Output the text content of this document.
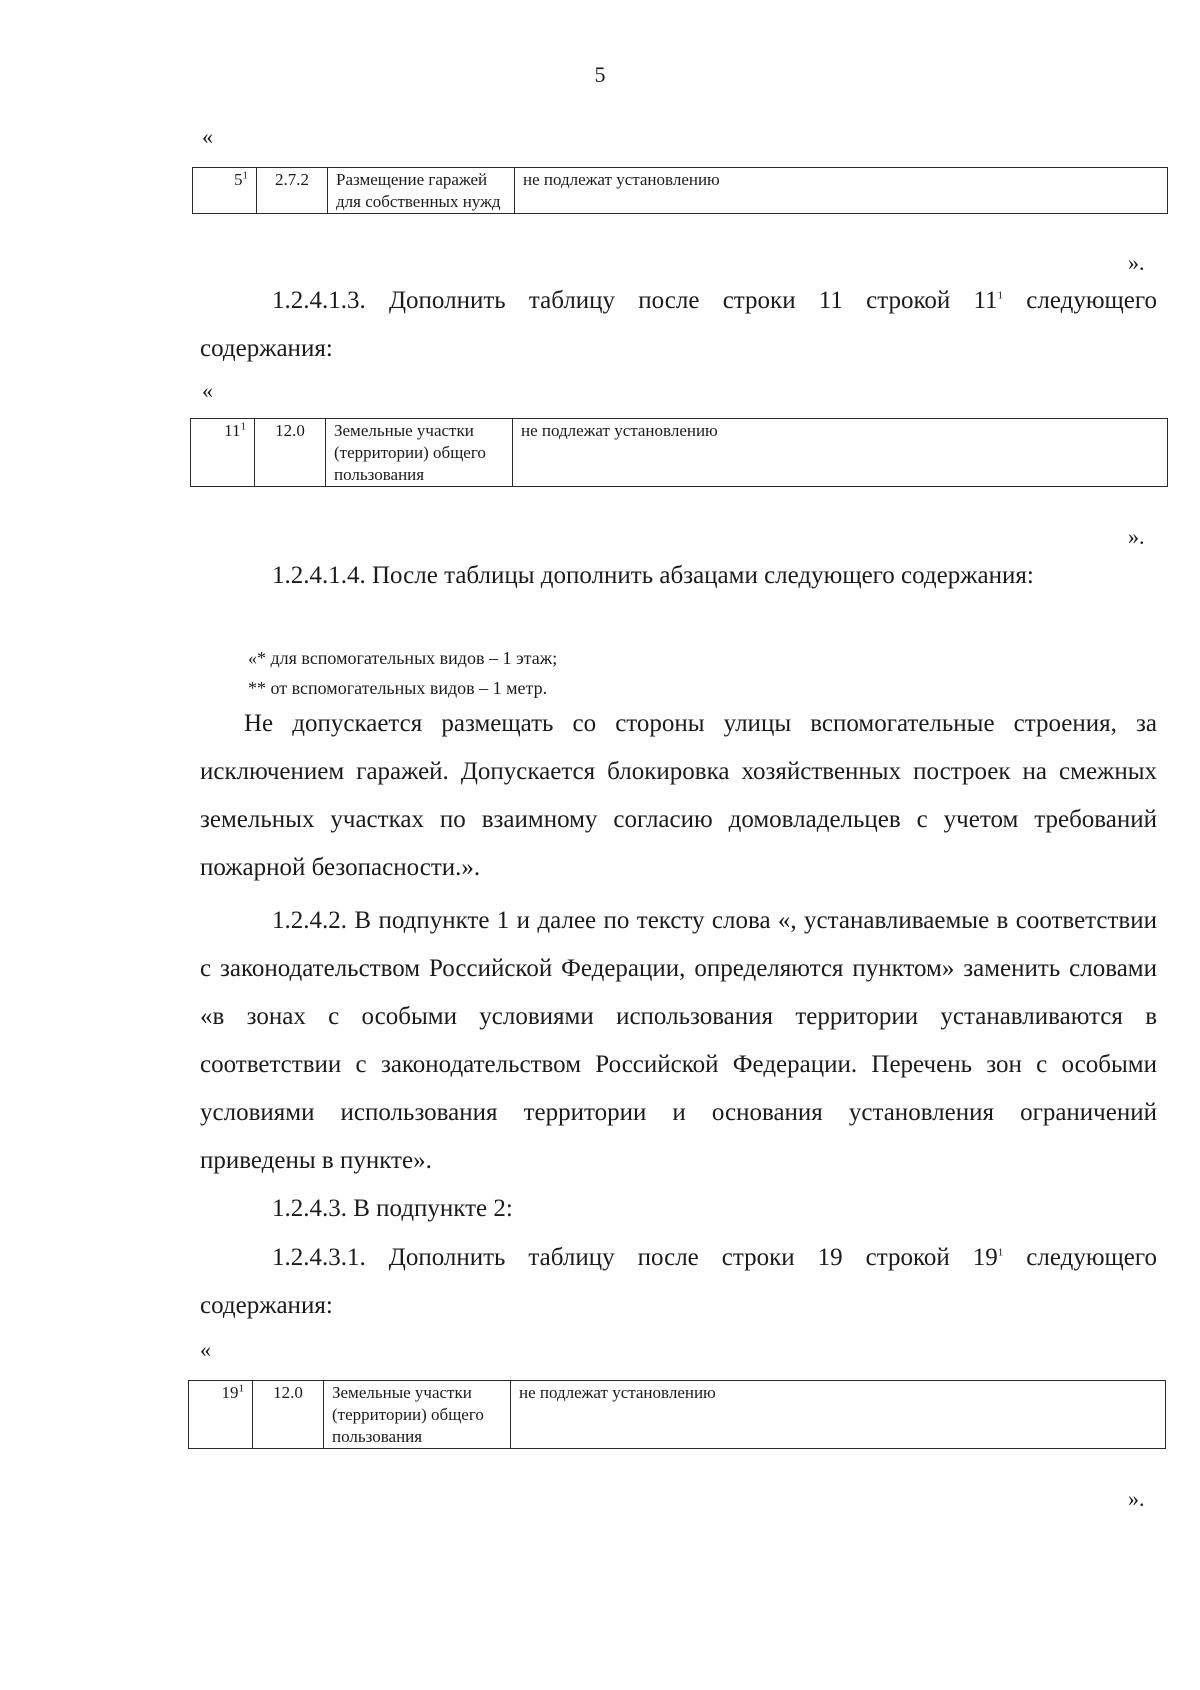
5
«
$5^1$	2.7.2	Размещение гаражей для собственных нужд	не подлежат установлению
».

1.2.4.1.3. Дополнить таблицу после строки 11 строкой $11^1$ следующего содержания:

«
$11^1$	12.0	Земельные участки (территории) общего пользования	не подлежат установлению
».

1.2.4.1.4. После таблицы дополнить абзацами следующего содержания:

«* для вспомогательных видов – 1 этаж;
** от вспомогательных видов – 1 метр.

Не допускается размещать со стороны улицы вспомогательные строения, за исключением гаражей. Допускается блокировка хозяйственных построек на смежных земельных участках по взаимному согласию домовладельцев с учетом требований пожарной безопасности.».

1.2.4.2. В подпункте 1 и далее по тексту слова «, устанавливаемые в соответствии с законодательством Российской Федерации, определяются пунктом» заменить словами «в зонах с особыми условиями использования территории устанавливаются в соответствии с законодательством Российской Федерации. Перечень зон с особыми условиями использования территории и основания установления ограничений приведены в пункте».

1.2.4.3. В подпункте 2:

1.2.4.3.1. Дополнить таблицу после строки 19 строкой $19^1$ следующего содержания:

«
$19^1$	12.0	Земельные участки (территории) общего пользования	не подлежат установлению
».
